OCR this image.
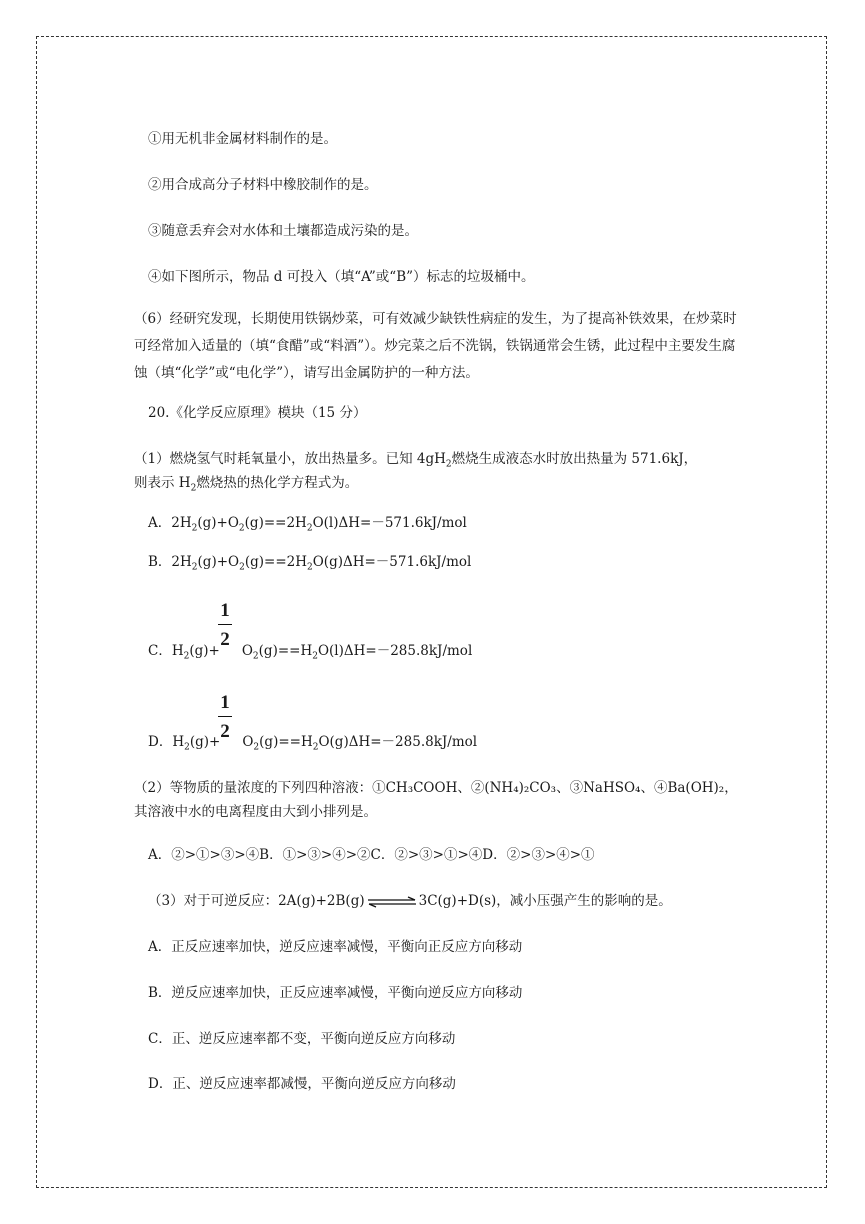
①用无机非金属材料制作的是。
②用合成高分子材料中橡胶制作的是。
③随意丢弃会对水体和土壤都造成污染的是。
④如下图所示，物品 d 可投入（填“A”或“B”）标志的垃圾桶中。
（6）经研究发现，长期使用铁锅炒菜，可有效减少缺铁性病症的发生，为了提高补铁效果，在炒菜时可经常加入适量的（填“食醋”或“料酒”）。炒完菜之后不洗锅，铁锅通常会生锈，此过程中主要发生腐蚀（填“化学”或“电化学”），请写出金属防护的一种方法。
20.《化学反应原理》模块（15 分）
（1）燃烧氢气时耗氧量小，放出热量多。已知 $4gH_2$燃烧生成液态水时放出热量为 571.6kJ，
则表示 $H_2$燃烧热的热化学方程式为。
A．$2H_2(g)+O_2(g)==2H_2O(l)\Delta H=-571.6kJ$/mol
B．$2H_2(g)+O_2(g)==2H_2O(g)\Delta H=-571.6kJ$/mol
1
2
C．$H_2(g)+ O_2(g)==H_2O(l)\Delta H=-285.8kJ/mol$
1
2
D．$H_2(g)+ O_2(g)==H_2O(g)\Delta H=-285.8kJ/mol$
（2）等物质的量浓度的下列四种溶液：①CH₃COOH、②(NH₄)₂CO₃、③NaHSO₄、④Ba(OH)₂，
其溶液中水的电离程度由大到小排列是。
A．②>①>③>④B．①>③>④>②C．②>③>①>④D．②>③>④>①
（3）对于可逆反应：2A(g)+2B(g) ⇌ 3C(g)+D(s)，减小压强产生的影响的是。
A．正反应速率加快，逆反应速率减慢，平衡向正反应方向移动
B．逆反应速率加快，正反应速率减慢，平衡向逆反应方向移动
C．正、逆反应速率都不变，平衡向逆反应方向移动
D．正、逆反应速率都减慢，平衡向逆反应方向移动
